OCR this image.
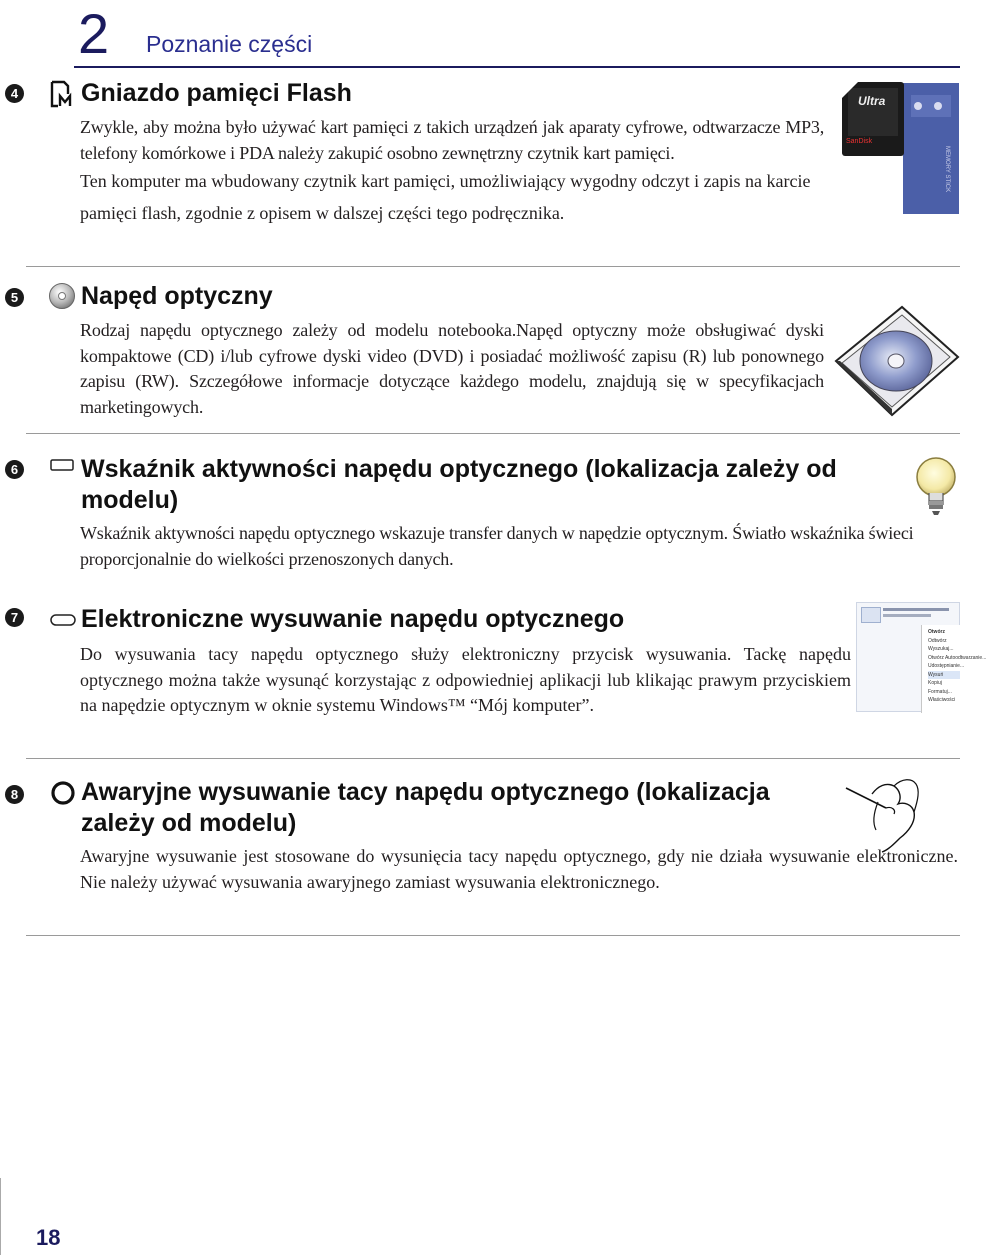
2 Poznanie części
4	Gniazdo pamięci Flash
Zwykle, aby można było używać kart pamięci z takich urządzeń jak aparaty cyfrowe, odtwarzacze MP3, telefony komórkowe i PDA należy zakupić osobno zewnętrzny czytnik kart pamięci.
Ten komputer ma wbudowany czytnik kart pamięci, umożliwiający wygodny odczyt i zapis na karcie pamięci flash, zgodnie z opisem w dalszej części tego podręcznika.
Ultra
SanDisk
MEMORY STICK
5	Napęd optyczny
Rodzaj napędu optycznego zależy od modelu notebooka.Napęd optyczny może obsługiwać dyski kompaktowe (CD) i/lub cyfrowe dyski video (DVD) i posiadać możliwość zapisu (R) lub ponownego zapisu (RW). Szczegółowe informacje dotyczące każdego modelu, znajdują się w specyfikacjach marketingowych.
6	Wskaźnik aktywności napędu optycznego (lokalizacja zależy od modelu)
Wskaźnik aktywności napędu optycznego wskazuje transfer danych w napędzie optycznym. Światło wskaźnika świeci proporcjonalnie do wielkości przenoszonych danych.
7	Elektroniczne wysuwanie napędu optycznego
Do wysuwania tacy napędu optycznego służy elektroniczny przycisk wysuwania. Tackę napędu optycznego można także wysunąć korzystając z odpowiedniej aplikacji lub klikając prawym przyciskiem na napędzie optycznym w oknie systemu Windows™ “Mój komputer”.
Otwórz
Odtwórz
Wyszukaj...
Otwórz Autoodtwarzanie...
Udostępnianie...
Wysuń
Kopiuj
Formatuj...
Właściwości
8	Awaryjne wysuwanie tacy napędu optycznego (lokalizacja zależy od modelu)
Awaryjne wysuwanie jest stosowane do wysunięcia tacy napędu optycznego, gdy nie działa wysuwanie elektroniczne. Nie należy używać wysuwania awaryjnego zamiast wysuwania elektronicznego.
18
